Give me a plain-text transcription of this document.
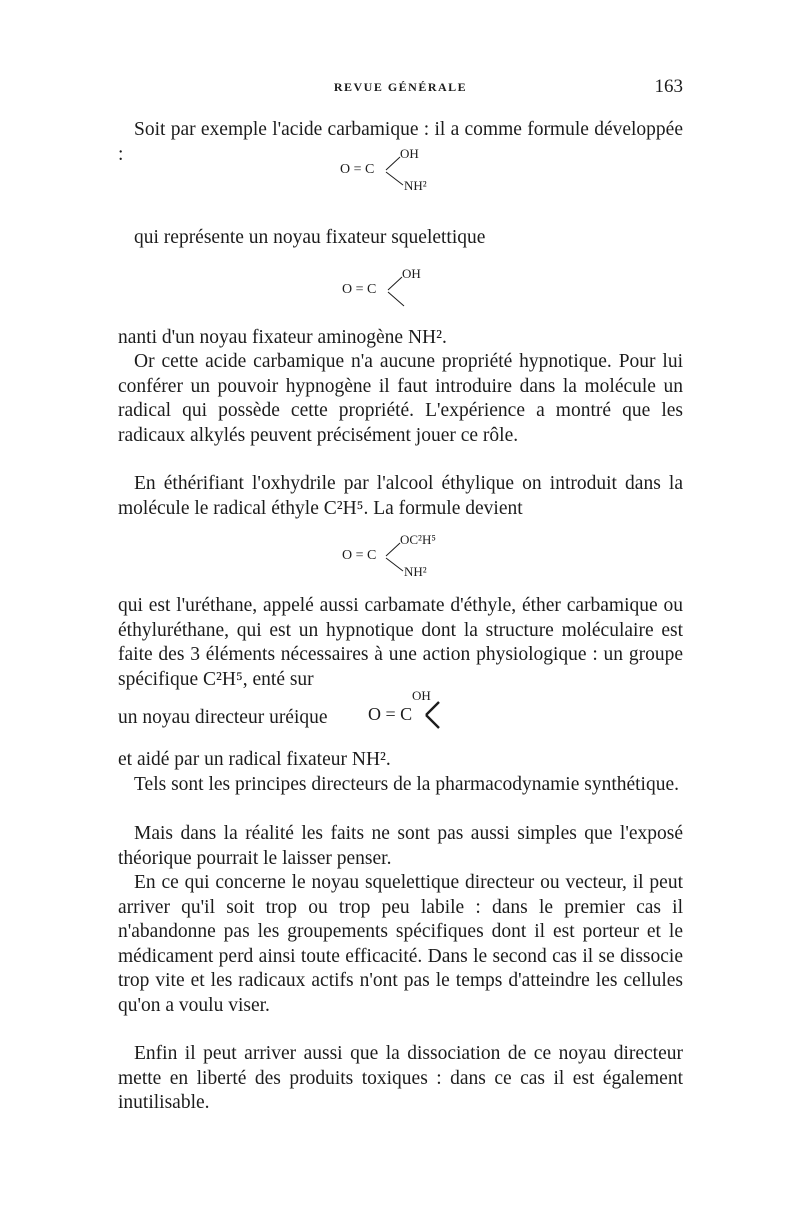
REVUE GÉNÉRALE	163

Soit par exemple l'acide carbamique : il a comme formule développée :

O = C
OH
NH²

qui représente un noyau fixateur squelettique

O = C
OH

nanti d'un noyau fixateur aminogène NH².

Or cette acide carbamique n'a aucune propriété hypnotique. Pour lui conférer un pouvoir hypnogène il faut introduire dans la molécule un radical qui possède cette propriété. L'expérience a montré que les radicaux alkylés peuvent précisément jouer ce rôle.

En éthérifiant l'oxhydrile par l'alcool éthylique on introduit dans la molécule le radical éthyle C²H⁵. La formule devient

O = C
OC²H⁵
NH²

qui est l'uréthane, appelé aussi carbamate d'éthyle, éther carbamique ou éthyluréthane, qui est un hypnotique dont la structure moléculaire est faite des 3 éléments nécessaires à une action physiologique : un groupe spécifique C²H⁵, enté sur

un noyau directeur uréique	O = C
OH

et aidé par un radical fixateur NH².

Tels sont les principes directeurs de la pharmacodynamie synthétique.

Mais dans la réalité les faits ne sont pas aussi simples que l'exposé théorique pourrait le laisser penser.

En ce qui concerne le noyau squelettique directeur ou vecteur, il peut arriver qu'il soit trop ou trop peu labile : dans le premier cas il n'abandonne pas les groupements spécifiques dont il est porteur et le médicament perd ainsi toute efficacité. Dans le second cas il se dissocie trop vite et les radicaux actifs n'ont pas le temps d'atteindre les cellules qu'on a voulu viser.

Enfin il peut arriver aussi que la dissociation de ce noyau directeur mette en liberté des produits toxiques : dans ce cas il est également inutilisable.
